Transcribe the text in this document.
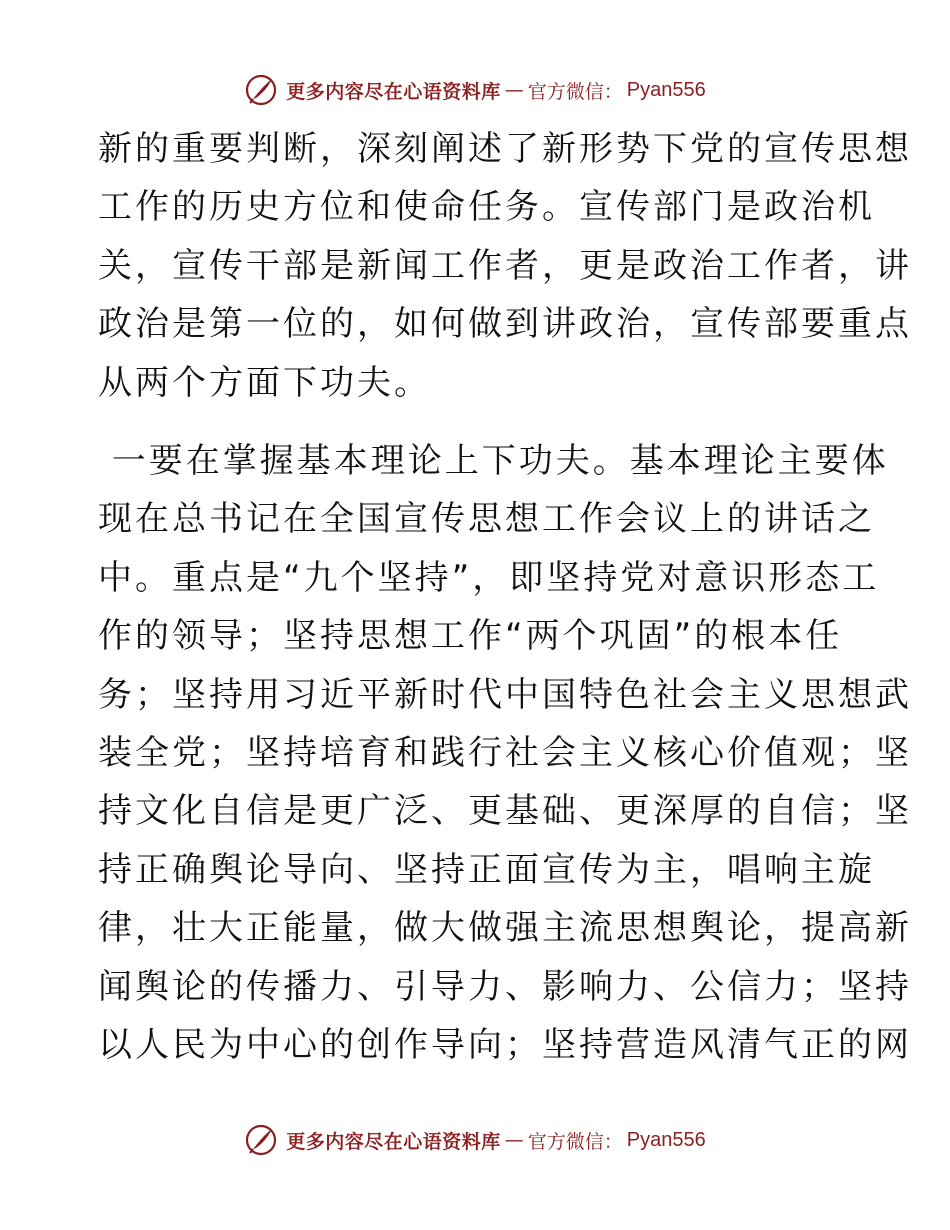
更多内容尽在心语资料库 — 官方微信： Pyan556

新的重要判断，深刻阐述了新形势下党的宣传思想
工作的历史方位和使命任务。宣传部门是政治机
关，宣传干部是新闻工作者，更是政治工作者，讲
政治是第一位的，如何做到讲政治，宣传部要重点
从两个方面下功夫。

一要在掌握基本理论上下功夫。基本理论主要体
现在总书记在全国宣传思想工作会议上的讲话之
中。重点是“九个坚持”，即坚持党对意识形态工
作的领导；坚持思想工作“两个巩固”的根本任
务；坚持用习近平新时代中国特色社会主义思想武
装全党；坚持培育和践行社会主义核心价值观；坚
持文化自信是更广泛、更基础、更深厚的自信；坚
持正确舆论导向、坚持正面宣传为主，唱响主旋
律，壮大正能量，做大做强主流思想舆论，提高新
闻舆论的传播力、引导力、影响力、公信力；坚持
以人民为中心的创作导向；坚持营造风清气正的网

更多内容尽在心语资料库 — 官方微信： Pyan556
